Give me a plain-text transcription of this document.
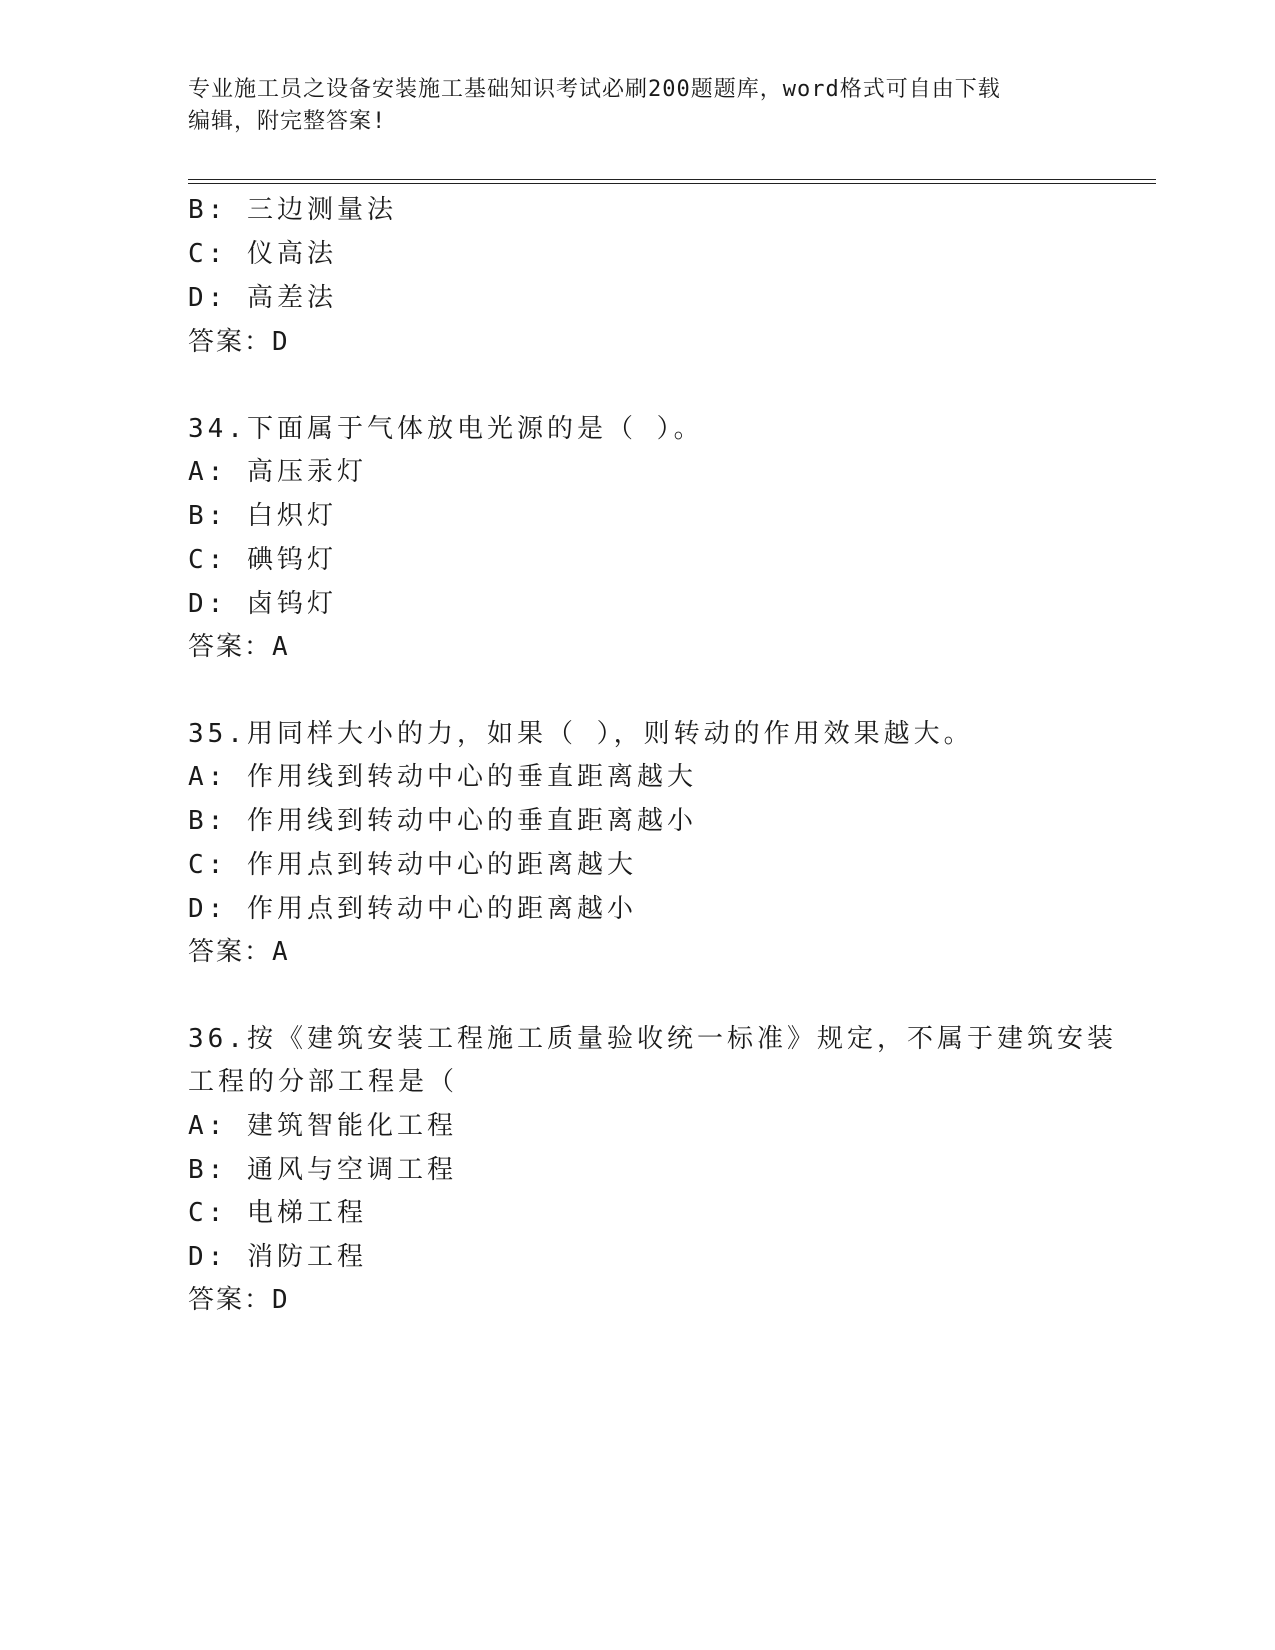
专业施工员之设备安装施工基础知识考试必刷200题题库，word格式可自由下载
编辑，附完整答案!
B: 三边测量法
C: 仪高法
D: 高差法
答案：D
34.下面属于气体放电光源的是（ ）。
A: 高压汞灯
B: 白炽灯
C: 碘钨灯
D: 卤钨灯
答案：A
35.用同样大小的力，如果（ ），则转动的作用效果越大。
A: 作用线到转动中心的垂直距离越大
B: 作用线到转动中心的垂直距离越小
C: 作用点到转动中心的距离越大
D: 作用点到转动中心的距离越小
答案：A
36.按《建筑安装工程施工质量验收统一标准》规定，不属于建筑安装
工程的分部工程是（
A: 建筑智能化工程
B: 通风与空调工程
C: 电梯工程
D: 消防工程
答案：D
